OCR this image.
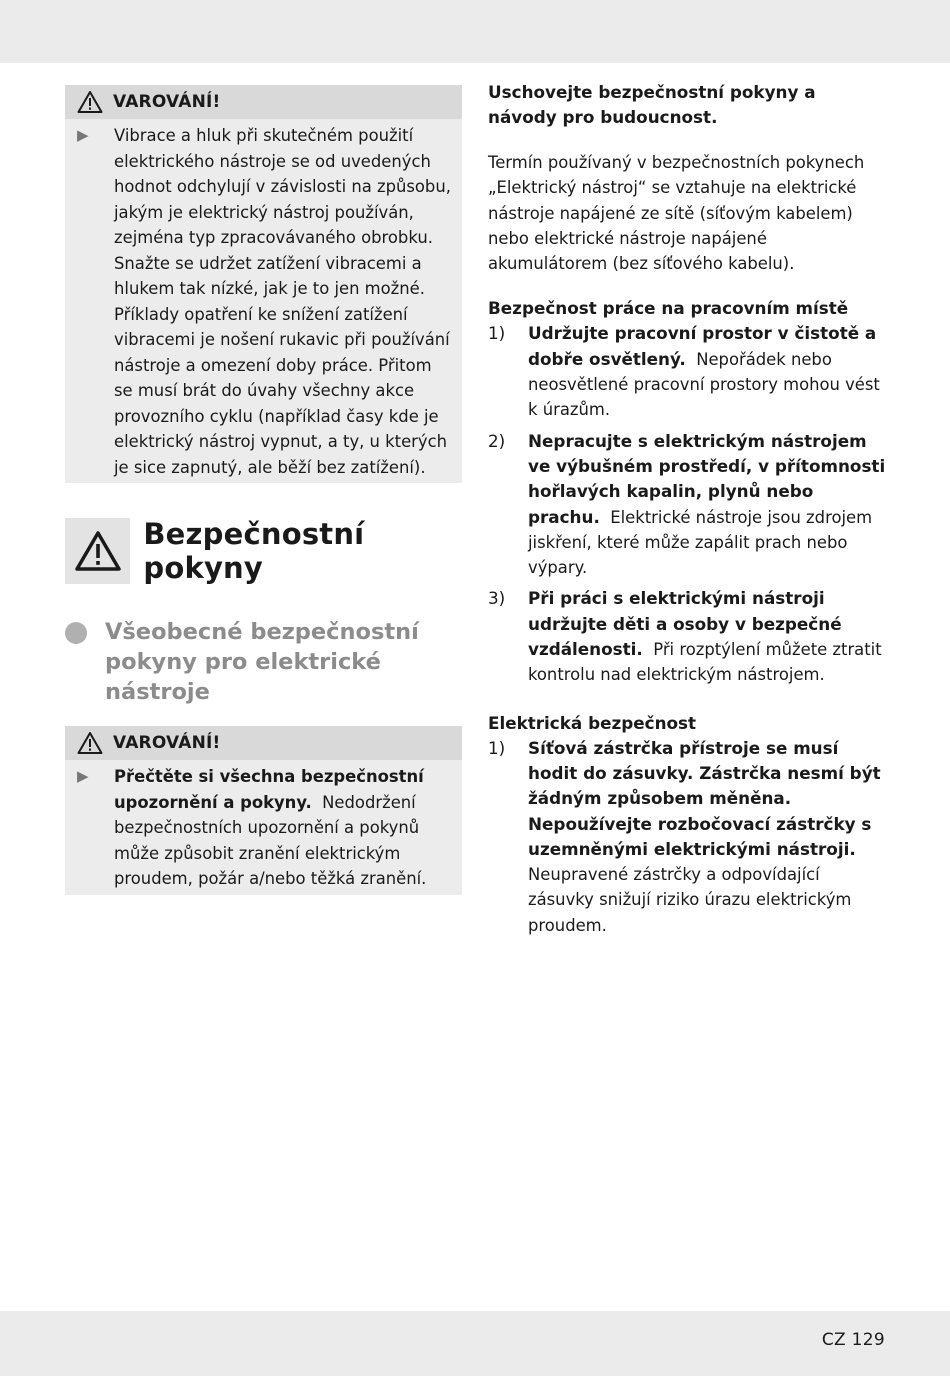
VAROVÁNÍ!
▶	Vibrace a hluk při skutečném použití elektrického nástroje se od uvedených hodnot odchylují v závislosti na způsobu, jakým je elektrický nástroj používán, zejména typ zpracovávaného obrobku. Snažte se udržet zatížení vibracemi a hlukem tak nízké, jak je to jen možné. Příklady opatření ke snížení zatížení vibracemi je nošení rukavic při používání nástroje a omezení doby práce. Přitom se musí brát do úvahy všechny akce provozního cyklu (například časy kde je elektrický nástroj vypnut, a ty, u kterých je sice zapnutý, ale běží bez zatížení).
Bezpečnostní pokyny
Všeobecné bezpečnostní pokyny pro elektrické nástroje
VAROVÁNÍ!
▶	Přečtěte si všechna bezpečnostní upozornění a pokyny. Nedodržení bezpečnostních upozornění a pokynů může způsobit zranění elektrickým proudem, požár a/nebo těžká zranění.
Uschovejte bezpečnostní pokyny a návody pro budoucnost.
Termín používaný v bezpečnostních pokynech „Elektrický nástroj“ se vztahuje na elektrické nástroje napájené ze sítě (síťovým kabelem) nebo elektrické nástroje napájené akumulátorem (bez síťového kabelu).
Bezpečnost práce na pracovním místě
1)	Udržujte pracovní prostor v čistotě a dobře osvětlený. Nepořádek nebo neosvětlené pracovní prostory mohou vést k úrazům.
2)	Nepracujte s elektrickým nástrojem ve výbušném prostředí, v přítomnosti hořlavých kapalin, plynů nebo prachu. Elektrické nástroje jsou zdrojem jiskření, které může zapálit prach nebo výpary.
3)	Při práci s elektrickými nástroji udržujte děti a osoby v bezpečné vzdálenosti. Při rozptýlení můžete ztratit kontrolu nad elektrickým nástrojem.
Elektrická bezpečnost
1)	Síťová zástrčka přístroje se musí hodit do zásuvky. Zástrčka nesmí být žádným způsobem měněna. Nepoužívejte rozbočovací zástrčky s uzemněnými elektrickými nástroji.  Neupravené zástrčky a odpovídající zásuvky snižují riziko úrazu elektrickým proudem.
CZ 129
